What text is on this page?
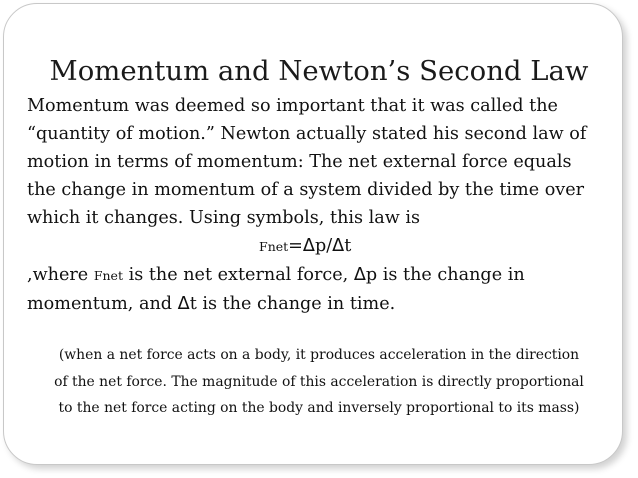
Momentum and Newton’s Second Law
Momentum was deemed so important that it was called the
“quantity of motion.” Newton actually stated his second law of
motion in terms of momentum: The net external force equals
the change in momentum of a system divided by the time over
which it changes. Using symbols, this law is
Fnet=Δp/Δt
,where Fnet is the net external force, Δp is the change in
momentum, and Δt is the change in time.
(when a net force acts on a body, it produces acceleration in the direction
of the net force. The magnitude of this acceleration is directly proportional
to the net force acting on the body and inversely proportional to its mass)
